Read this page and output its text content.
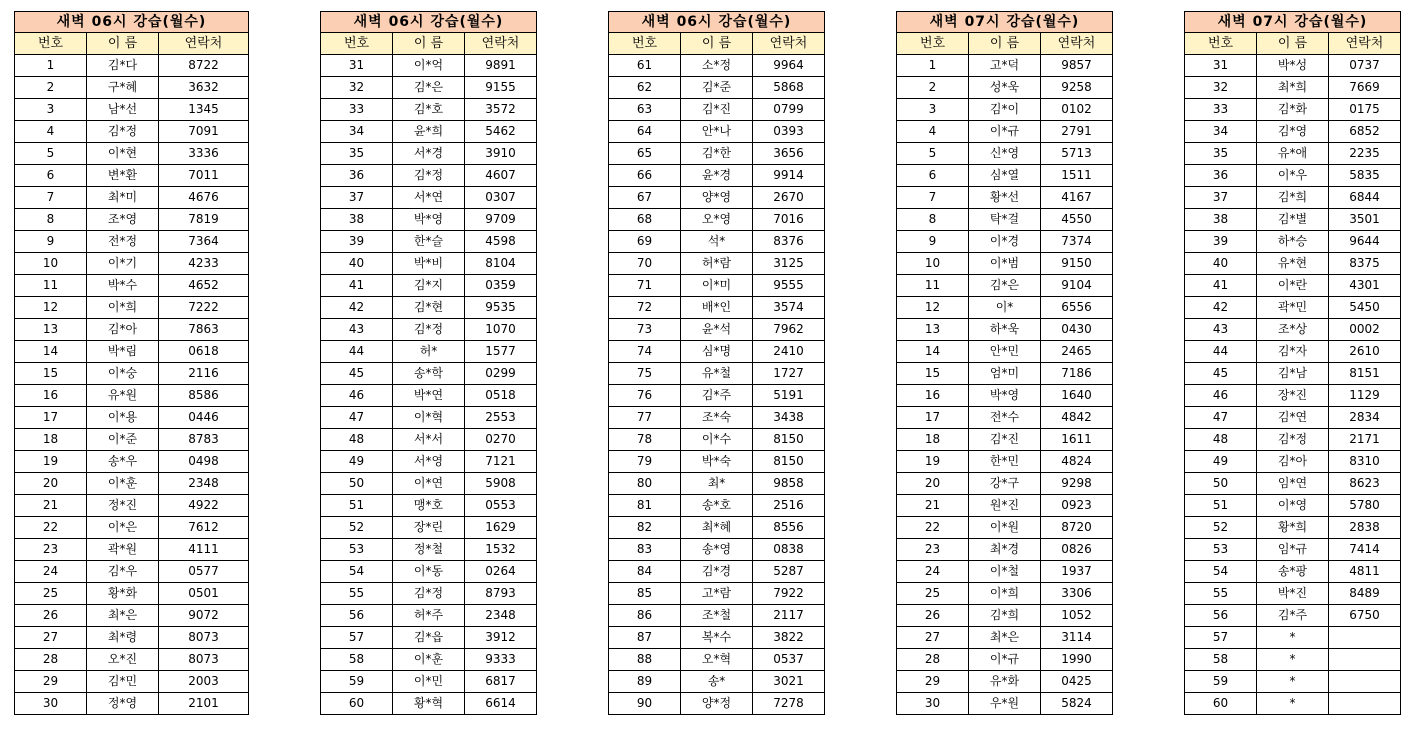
새벽 06시 강습(월수)		
번호	이 름	연락처
1	김*다	8722
2	구*혜	3632
3	남*선	1345
4	김*정	7091
5	이*현	3336
6	변*환	7011
7	최*미	4676
8	조*영	7819
9	전*정	7364
10	이*기	4233
11	박*수	4652
12	이*희	7222
13	김*아	7863
14	박*림	0618
15	이*숭	2116
16	유*원	8586
17	이*용	0446
18	이*준	8783
19	송*우	0498
20	이*훈	2348
21	정*진	4922
22	이*은	7612
23	곽*원	4111
24	김*우	0577
25	황*화	0501
26	최*은	9072
27	최*령	8073
28	오*진	8073
29	김*민	2003
30	정*영	2101
새벽 06시 강습(월수)		
번호	이 름	연락처
31	이*억	9891
32	김*은	9155
33	김*호	3572
34	윤*희	5462
35	서*경	3910
36	김*정	4607
37	서*연	0307
38	박*영	9709
39	한*슬	4598
40	박*비	8104
41	김*지	0359
42	김*현	9535
43	김*정	1070
44	허*	1577
45	송*학	0299
46	박*연	0518
47	이*혁	2553
48	서*서	0270
49	서*영	7121
50	이*연	5908
51	맹*호	0553
52	장*린	1629
53	정*철	1532
54	이*동	0264
55	김*정	8793
56	허*주	2348
57	김*읍	3912
58	이*훈	9333
59	이*민	6817
60	황*혁	6614
새벽 06시 강습(월수)		
번호	이 름	연락처
61	소*정	9964
62	김*준	5868
63	김*진	0799
64	안*나	0393
65	김*한	3656
66	윤*경	9914
67	양*영	2670
68	오*영	7016
69	석*	8376
70	허*람	3125
71	이*미	9555
72	배*인	3574
73	윤*석	7962
74	심*명	2410
75	유*철	1727
76	김*주	5191
77	조*숙	3438
78	이*수	8150
79	박*숙	8150
80	최*	9858
81	송*호	2516
82	최*혜	8556
83	송*영	0838
84	김*경	5287
85	고*람	7922
86	조*철	2117
87	복*수	3822
88	오*혁	0537
89	송*	3021
90	양*정	7278
새벽 07시 강습(월수)		
번호	이 름	연락처
1	고*덕	9857
2	성*욱	9258
3	김*이	0102
4	이*규	2791
5	신*영	5713
6	심*열	1511
7	황*선	4167
8	탁*걸	4550
9	이*경	7374
10	이*범	9150
11	김*은	9104
12	이*	6556
13	하*욱	0430
14	안*민	2465
15	엄*미	7186
16	박*영	1640
17	전*수	4842
18	김*진	1611
19	한*민	4824
20	강*구	9298
21	원*진	0923
22	이*원	8720
23	최*경	0826
24	이*철	1937
25	이*희	3306
26	김*희	1052
27	최*은	3114
28	이*규	1990
29	유*화	0425
30	우*원	5824
새벽 07시 강습(월수)		
번호	이 름	연락처
31	박*성	0737
32	최*희	7669
33	김*화	0175
34	김*영	6852
35	유*애	2235
36	이*우	5835
37	김*희	6844
38	김*별	3501
39	하*승	9644
40	유*현	8375
41	이*란	4301
42	곽*민	5450
43	조*상	0002
44	김*자	2610
45	김*남	8151
46	장*진	1129
47	김*연	2834
48	김*정	2171
49	김*아	8310
50	임*연	8623
51	이*영	5780
52	황*희	2838
53	임*규	7414
54	송*팡	4811
55	박*진	8489
56	김*주	6750
57	*	
58	*	
59	*	
60	*	
